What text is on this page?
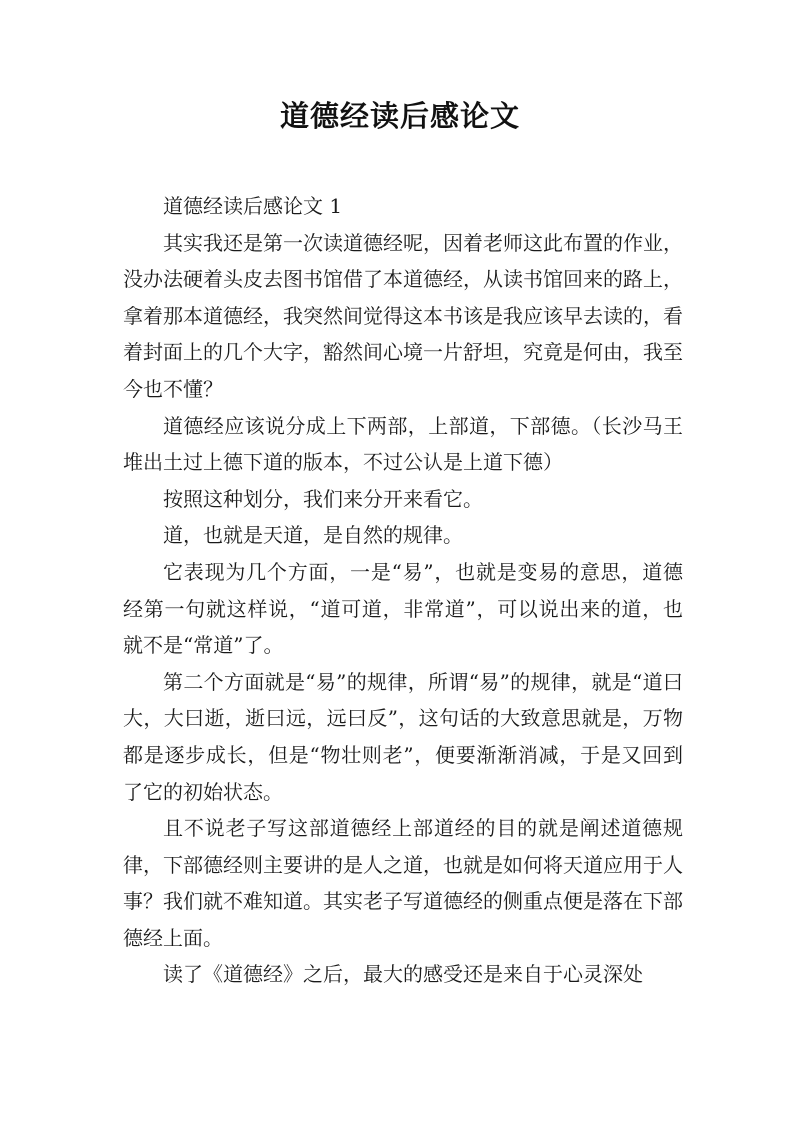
道德经读后感论文

道德经读后感论文 1

其实我还是第一次读道德经呢，因着老师这此布置的作业，没办法硬着头皮去图书馆借了本道德经，从读书馆回来的路上，拿着那本道德经，我突然间觉得这本书该是我应该早去读的，看着封面上的几个大字，豁然间心境一片舒坦，究竟是何由，我至今也不懂？

道德经应该说分成上下两部，上部道，下部德。（长沙马王堆出土过上德下道的版本，不过公认是上道下德）

按照这种划分，我们来分开来看它。

道，也就是天道，是自然的规律。

它表现为几个方面，一是“易”，也就是变易的意思，道德经第一句就这样说，“道可道，非常道”，可以说出来的道，也就不是“常道”了。

第二个方面就是“易”的规律，所谓“易”的规律，就是“道曰大，大曰逝，逝曰远，远曰反”，这句话的大致意思就是，万物都是逐步成长，但是“物壮则老”，便要渐渐消减，于是又回到了它的初始状态。

且不说老子写这部道德经上部道经的目的就是阐述道德规律，下部德经则主要讲的是人之道，也就是如何将天道应用于人事？我们就不难知道。其实老子写道德经的侧重点便是落在下部德经上面。

读了《道德经》之后，最大的感受还是来自于心灵深处
